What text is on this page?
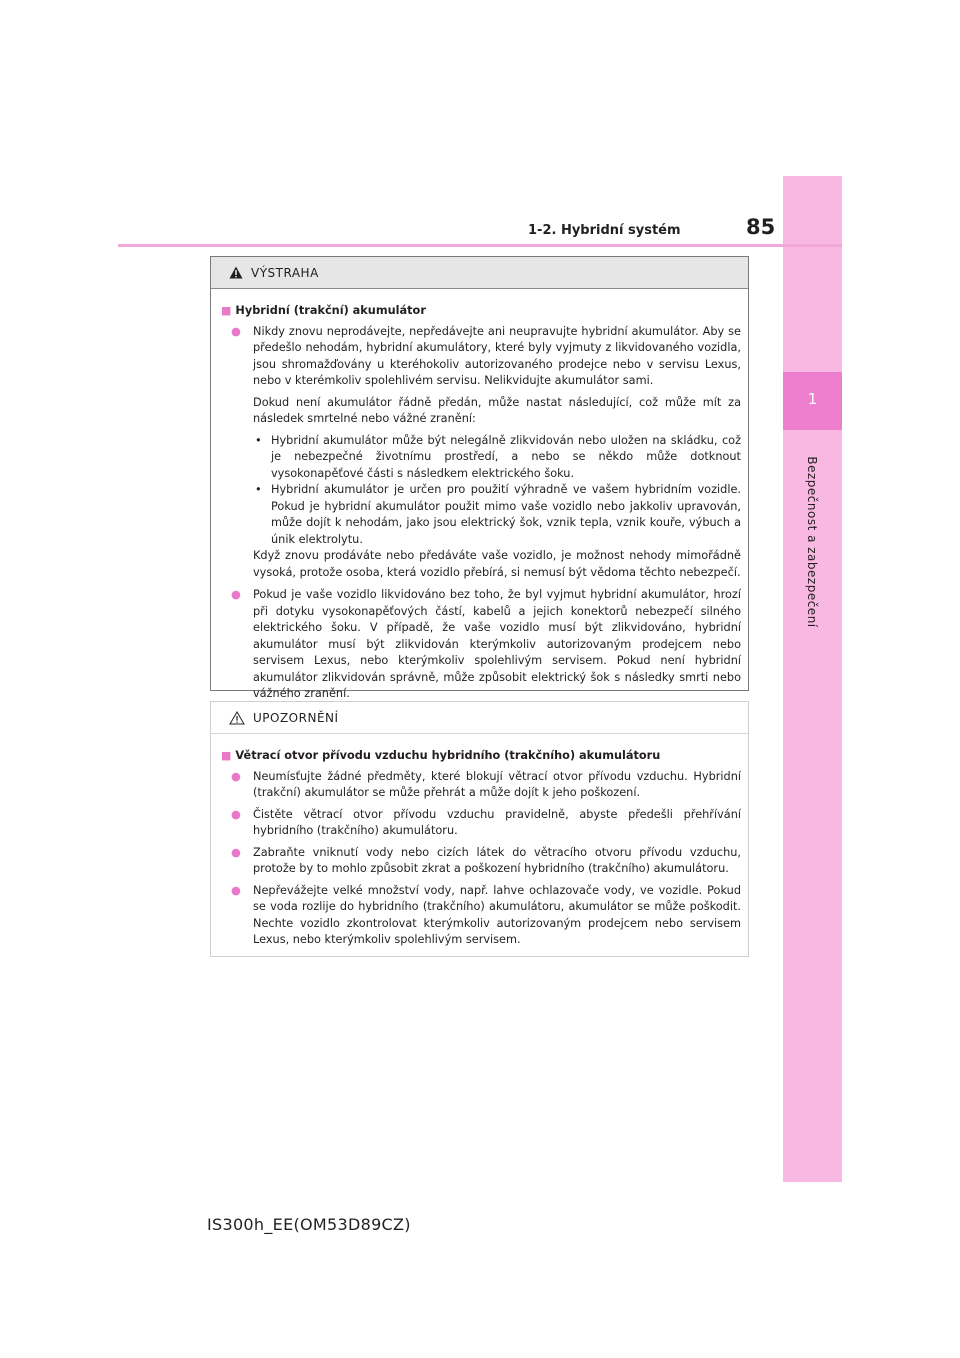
1
Bezpečnost a zabezpečení
1-2. Hybridní systém	85
VÝSTRAHA
■ Hybridní (trakční) akumulátor
●	Nikdy znovu neprodávejte, nepředávejte ani neupravujte hybridní akumulátor. Aby se předešlo nehodám, hybridní akumulátory, které byly vyjmuty z likvidovaného vozidla, jsou shromažďovány u kteréhokoliv autorizovaného prodejce nebo v servisu Lexus, nebo v kterémkoliv spolehlivém servisu. Nelikvidujte akumulátor sami.
Dokud není akumulátor řádně předán, může nastat následující, což může mít za následek smrtelné nebo vážné zranění:
• Hybridní akumulátor může být nelegálně zlikvidován nebo uložen na skládku, což je nebezpečné životnímu prostředí, a nebo se někdo může dotknout vysokonapěťové části s následkem elektrického šoku.
• Hybridní akumulátor je určen pro použití výhradně ve vašem hybridním vozidle. Pokud je hybridní akumulátor použit mimo vaše vozidlo nebo jakkoliv upravován, může dojít k nehodám, jako jsou elektrický šok, vznik tepla, vznik kouře, výbuch a únik elektrolytu.
Když znovu prodáváte nebo předáváte vaše vozidlo, je možnost nehody mimořádně vysoká, protože osoba, která vozidlo přebírá, si nemusí být vědoma těchto nebezpečí.
●	Pokud je vaše vozidlo likvidováno bez toho, že byl vyjmut hybridní akumulátor, hrozí při dotyku vysokonapěťových částí, kabelů a jejich konektorů nebezpečí silného elektrického šoku. V případě, že vaše vozidlo musí být zlikvidováno, hybridní akumulátor musí být zlikvidován kterýmkoliv autorizovaným prodejcem nebo servisem Lexus, nebo kterýmkoliv spolehlivým servisem. Pokud není hybridní akumulátor zlikvidován správně, může způsobit elektrický šok s následky smrti nebo vážného zranění.
UPOZORNĚNÍ
■ Větrací otvor přívodu vzduchu hybridního (trakčního) akumulátoru
●	Neumísťujte žádné předměty, které blokují větrací otvor přívodu vzduchu. Hybridní (trakční) akumulátor se může přehrát a může dojít k jeho poškození.
●	Čistěte větrací otvor přívodu vzduchu pravidelně, abyste předešli přehřívání hybridního (trakčního) akumulátoru.
●	Zabraňte vniknutí vody nebo cizích látek do větracího otvoru přívodu vzduchu, protože by to mohlo způsobit zkrat a poškození hybridního (trakčního) akumulátoru.
●	Nepřevážejte velké množství vody, např. lahve ochlazovače vody, ve vozidle. Pokud se voda rozlije do hybridního (trakčního) akumulátoru, akumulátor se může poškodit. Nechte vozidlo zkontrolovat kterýmkoliv autorizovaným prodejcem nebo servisem Lexus, nebo kterýmkoliv spolehlivým servisem.
IS300h_EE(OM53D89CZ)
